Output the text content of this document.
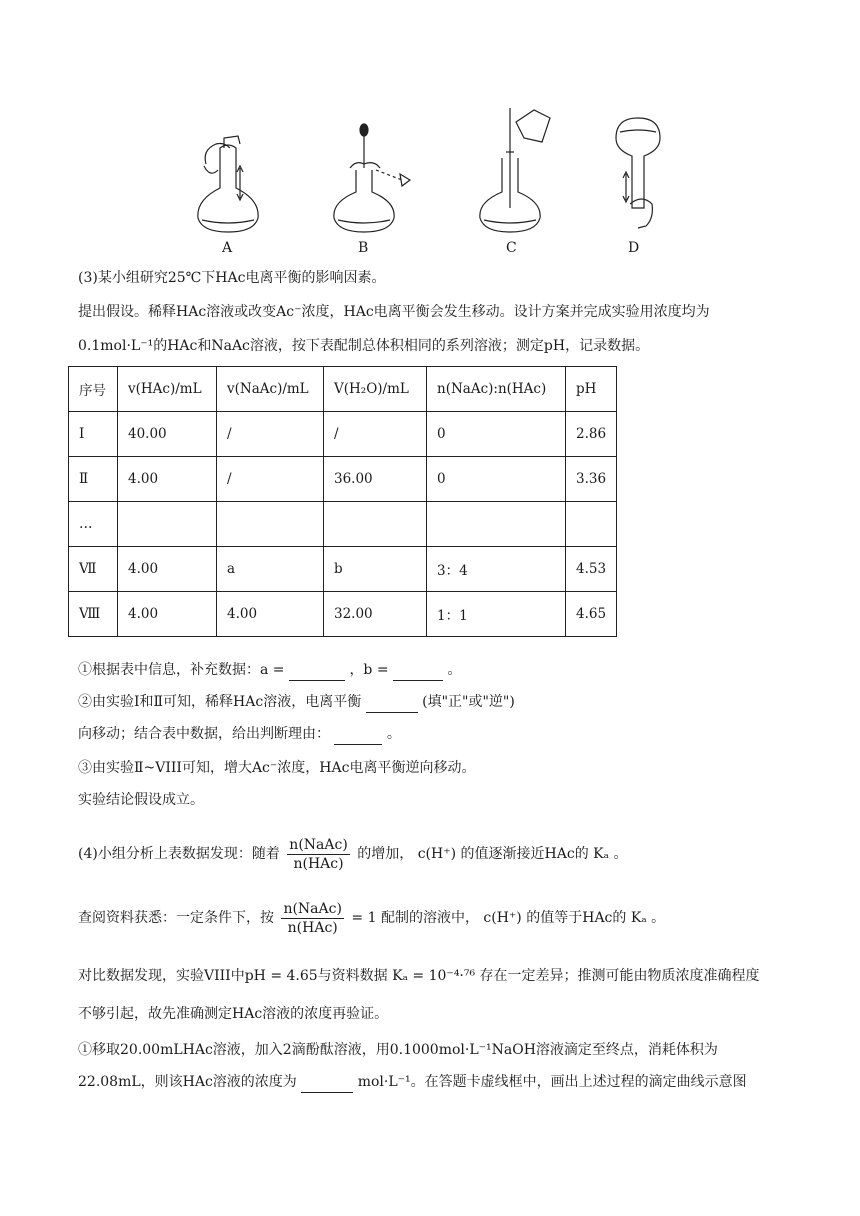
A	B	C	D
(3)某小组研究25℃下HAc电离平衡的影响因素。
提出假设。稀释HAc溶液或改变Ac⁻浓度，HAc电离平衡会发生移动。设计方案并完成实验用浓度均为
0.1mol·L⁻¹的HAc和NaAc溶液，按下表配制总体积相同的系列溶液；测定pH，记录数据。
序号	v(HAc)/mL	v(NaAc)/mL	V(H₂O)/mL	n(NaAc):n(HAc)	pH
Ⅰ	40.00	/	/	0	2.86
Ⅱ	4.00	/	36.00	0	3.36
…					
Ⅶ	4.00	a	b	3：4	4.53
Ⅷ	4.00	4.00	32.00	1：1	4.65
①根据表中信息，补充数据：a =	，b =	。
②由实验Ⅰ和Ⅱ可知，稀释HAc溶液，电离平衡	(填"正"或"逆")
向移动；结合表中数据，给出判断理由：	。
③由实验Ⅱ~VIII可知，增大Ac⁻浓度，HAc电离平衡逆向移动。
实验结论假设成立。
(4)小组分析上表数据发现：随着 $\frac{\text{n(NaAc)}}{\text{n(HAc)}}$ 的增加， c(H⁺) 的值逐渐接近HAc的 Kₐ 。
查阅资料获悉：一定条件下，按 $\frac{\text{n(NaAc)}}{\text{n(HAc)}} = 1$ 配制的溶液中， c(H⁺) 的值等于HAc的 Kₐ 。
对比数据发现，实验VIII中pH = 4.65与资料数据 Kₐ = 10⁻⁴·⁷⁶ 存在一定差异；推测可能由物质浓度准确程度
不够引起，故先准确测定HAc溶液的浓度再验证。
①移取20.00mLHAc溶液，加入2滴酚酞溶液，用0.1000mol·L⁻¹NaOH溶液滴定至终点，消耗体积为
22.08mL，则该HAc溶液的浓度为	mol·L⁻¹。在答题卡虚线框中，画出上述过程的滴定曲线示意图
